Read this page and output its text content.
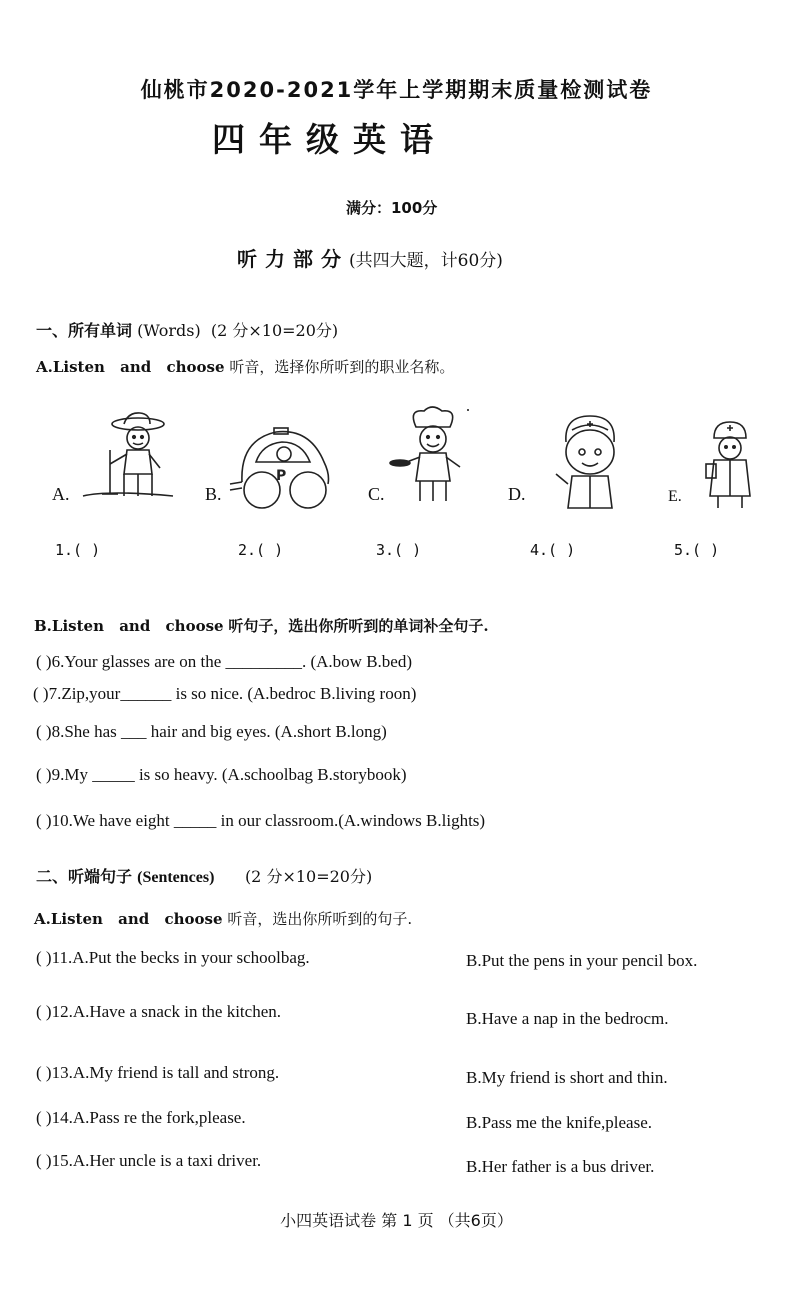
仙桃市2020-2021学年上学期期末质量检测试卷
四年级英语
满分：100分
听力部分(共四大题，计60分)
一、所有单词 (Words) (2 分×10=20分)
A.Listen and choose 听音，选择你所听到的职业名称。
A.	B.
P
C.	D.	E.
1.( )	2.( )	3.( )	4.( )	5.( )
B.Listen and choose 听句子，选出你所听到的单词补全句子.
( )6.Your glasses are on the _________. (A.bow B.bed)
( )7.Zip,your______ is so nice. (A.bedroc B.living roon)
( )8.She has ___ hair and big eyes. (A.short B.long)
( )9.My _____ is so heavy. (A.schoolbag B.storybook)
( )10.We have eight _____ in our classroom.(A.windows B.lights)
二、听端句子 (Sentences) (2 分×10=20分)
A.Listen and choose 听音，选出你所听到的句子.
( )11.A.Put the becks in your schoolbag.	B.Put the pens in your pencil box.
( )12.A.Have a snack in the kitchen.	B.Have a nap in the bedrocm.
( )13.A.My friend is tall and strong.	B.My friend is short and thin.
( )14.A.Pass re the fork,please.	B.Pass me the knife,please.
( )15.A.Her uncle is a taxi driver.	B.Her father is a bus driver.
小四英语试卷 第 1 页 （共6页）
